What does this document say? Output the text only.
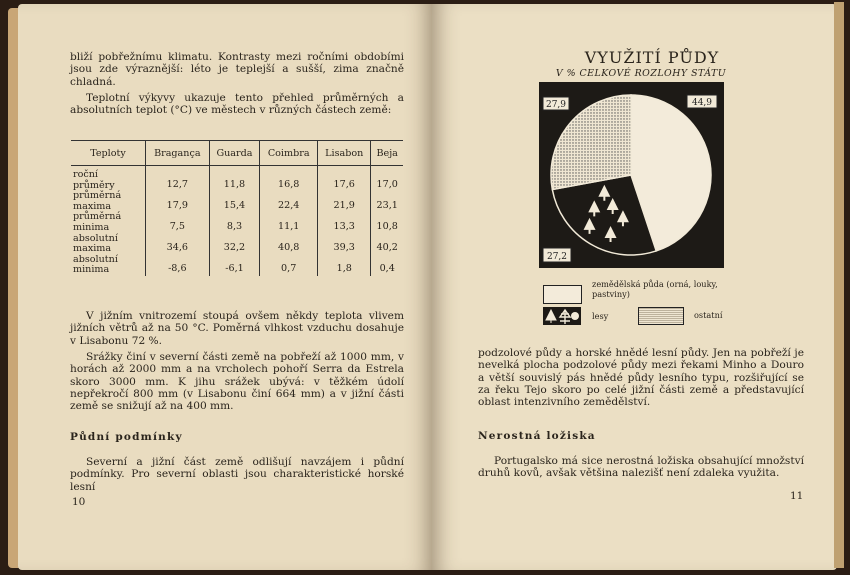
bliží pobřežnímu klimatu. Kontrasty mezi ročními obdobími jsou zde výraznější: léto je teplejší a sušší, zima značně chladná.

Teplotní výkyvy ukazuje tento přehled průměrných a absolutních teplot (°C) ve městech v různých částech země:

Teploty	Bragança	Guarda	Coimbra	Lisabon	Beja

roční
průměry	12,7	11,8	16,8	17,6	17,0

průměrná
maxima	17,9	15,4	22,4	21,9	23,1

průměrná
minima	7,5	8,3	11,1	13,3	10,8

absolutní
maxima	34,6	32,2	40,8	39,3	40,2

absolutní
minima	-8,6	-6,1	0,7	1,8	0,4

V jižním vnitrozemí stoupá ovšem někdy teplota vlivem jižních větrů až na 50 °C. Poměrná vlhkost vzduchu dosahuje v Lisabonu 72 %.

Srážky činí v severní části země na pobřeží až 1000 mm, v horách až 2000 mm a na vrcholech pohoří Serra da Estrela skoro 3000 mm. K jihu srážek ubývá: v těžkém údolí nepřekročí 800 mm (v Lisabonu činí 664 mm) a v jižní části země se snižují až na 400 mm.

Půdní podmínky

Severní a jižní část země odlišují navzájem i půdní podmínky. Pro severní oblasti jsou charakteristické horské lesní

10
VYUŽITÍ PŮDY
V % CELKOVÉ ROZLOHY STÁTU
27,9	44,9
27,2
zemědělská půda (orná, louky, pastviny)
lesy	ostatní

podzolové půdy a horské hnědé lesní půdy. Jen na pobřeží je nevelká plocha podzolové půdy mezi řekami Minho a Douro a větší souvislý pás hnědé půdy lesního typu, rozšiřující se za řeku Tejo skoro po celé jižní části země a představující oblast intenzivního zemědělství.

Nerostná ložiska

Portugalsko má sice nerostná ložiska obsahující množství druhů kovů, avšak většina nalezišť není zdaleka využita.

11
